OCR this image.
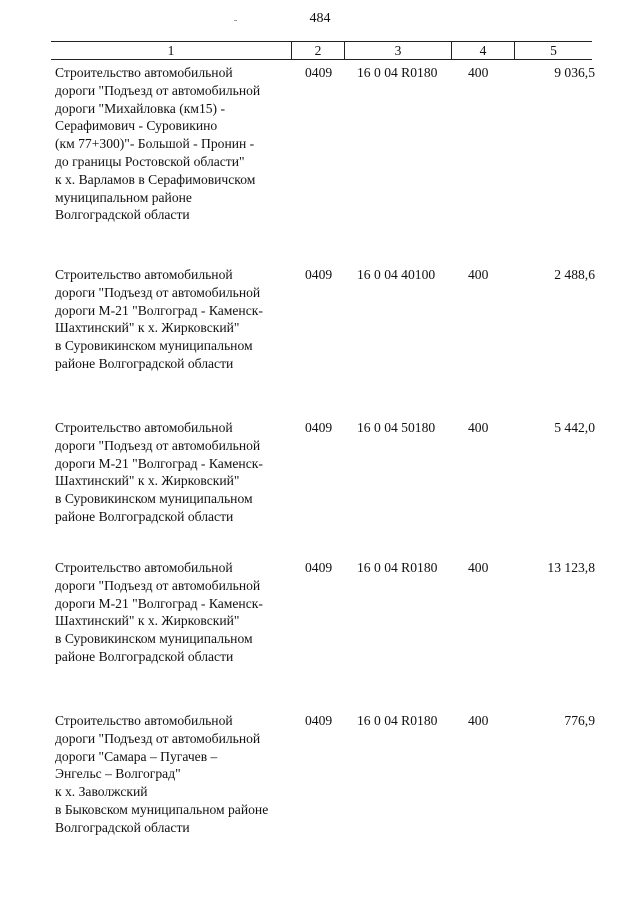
484
1	2	3	4	5
Строительство автомобильной
дороги "Подъезд от автомобильной
дороги "Михайловка (км15) -
Серафимович - Суровикино
(км 77+300)"- Большой - Пронин -
до границы Ростовской области"
к х. Варламов в Серафимовичском
муниципальном районе
Волгоградской области
0409 16 0 04 R0180 400	9 036,5
Строительство автомобильной
дороги "Подъезд от автомобильной
дороги М-21 "Волгоград - Каменск-
Шахтинский" к х. Жирковский"
в Суровикинском муниципальном
районе Волгоградской области
0409 16 0 04 40100 400	2 488,6
Строительство автомобильной
дороги "Подъезд от автомобильной
дороги М-21 "Волгоград - Каменск-
Шахтинский" к х. Жирковский"
в Суровикинском муниципальном
районе Волгоградской области
0409 16 0 04 50180 400	5 442,0
Строительство автомобильной
дороги "Подъезд от автомобильной
дороги М-21 "Волгоград - Каменск-
Шахтинский" к х. Жирковский"
в Суровикинском муниципальном
районе Волгоградской области
0409 16 0 04 R0180 400	13 123,8
Строительство автомобильной
дороги "Подъезд от автомобильной
дороги "Самара – Пугачев –
Энгельс – Волгоград"
к х. Заволжский
в Быковском муниципальном районе
Волгоградской области
0409 16 0 04 R0180 400	776,9
